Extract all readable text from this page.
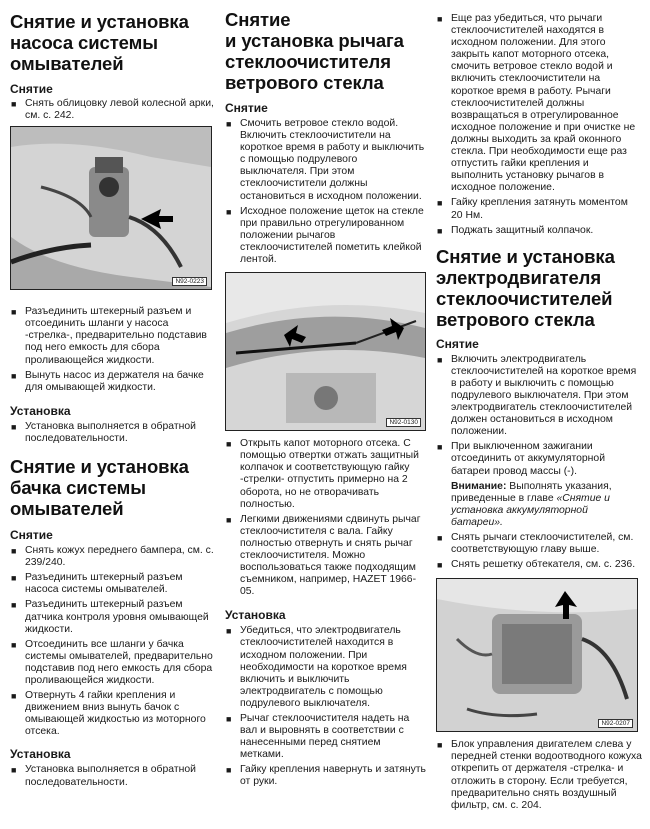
Снятие и установка
насоса системы
омывателей
Снятие
■ Снять облицовку левой колесной арки, см. с. 242.
N92-0223
■ Разъединить штекерный разъем и отсоединить шланги у насоса -стрелка-, предварительно подставив под него емкость для сбора проливающейся жидкости.
■ Вынуть насос из держателя на бачке для омывающей жидкости.
Установка
■ Установка выполняется в обратной последовательности.
Снятие и установка
бачка системы
омывателей
Снятие
■ Снять кожух переднего бампера, см. с. 239/240.
■ Разъединить штекерный разъем насоса системы омывателей.
■ Разъединить штекерный разъем датчика контроля уровня омывающей жидкости.
■ Отсоединить все шланги у бачка системы омывателей, предварительно подставив под него емкость для сбора проливающейся жидкости.
■ Отвернуть 4 гайки крепления и движением вниз вынуть бачок с омывающей жидкостью из моторного отсека.
Установка
■ Установка выполняется в обратной последовательности.
Снятие
и установка рычага
стеклоочистителя
ветрового стекла
Снятие
■ Смочить ветровое стекло водой. Включить стеклоочистители на короткое время в работу и выключить с помощью подрулевого выключателя. При этом стеклоочистители должны остановиться в исходном положении.
■ Исходное положение щеток на стекле при правильно отрегулированном положении рычагов стеклоочистителей пометить клейкой лентой.
N92-0130
■ Открыть капот моторного отсека. С помощью отвертки отжать защитный колпачок и соответствующую гайку -стрелки- отпустить примерно на 2 оборота, но не отворачивать полностью.
■ Легкими движениями сдвинуть рычаг стеклоочистителя с вала. Гайку полностью отвернуть и снять рычаг стеклоочистителя. Можно воспользоваться также подходящим съемником, например, HAZET 1966-05.
Установка
■ Убедиться, что электродвигатель стеклоочистителей находится в исходном положении. При необходимости на короткое время включить и выключить электродвигатель с помощью подрулевого выключателя.
■ Рычаг стеклоочистителя надеть на вал и выровнять в соответствии с нанесенными перед снятием метками.
■ Гайку крепления навернуть и затянуть от руки.
■ Еще раз убедиться, что рычаги стеклоочистителей находятся в исходном положении. Для этого закрыть капот моторного отсека, смочить ветровое стекло водой и включить стеклоочистители на короткое время в работу. Рычаги стеклоочистителей должны возвращаться в отрегулированное исходное положение и при очистке не должны выходить за край оконного стекла. При необходимости еще раз отпустить гайки крепления и выполнить установку рычагов в исходное положение.
■ Гайку крепления затянуть моментом 20 Нм.
■ Поджать защитный колпачок.
Снятие и установка
электродвигателя
стеклоочистителей
ветрового стекла
Снятие
■ Включить электродвигатель стеклоочистителей на короткое время в работу и выключить с помощью подрулевого выключателя. При этом электродвигатель стеклоочистителей должен остановиться в исходном положении.
■ При выключенном зажигании отсоединить от аккумуляторной батареи провод массы (-).
Внимание: Выполнять указания, приведенные в главе «Снятие и установка аккумуляторной батареи».
■ Снять рычаги стеклоочистителей, см. соответствующую главу выше.
■ Снять решетку обтекателя, см. с. 236.
N92-0207
■ Блок управления двигателем слева у передней стенки водоотводного кожуха открепить от держателя -стрелка- и отложить в сторону. Если требуется, предварительно снять воздушный фильтр, см. с. 204.
